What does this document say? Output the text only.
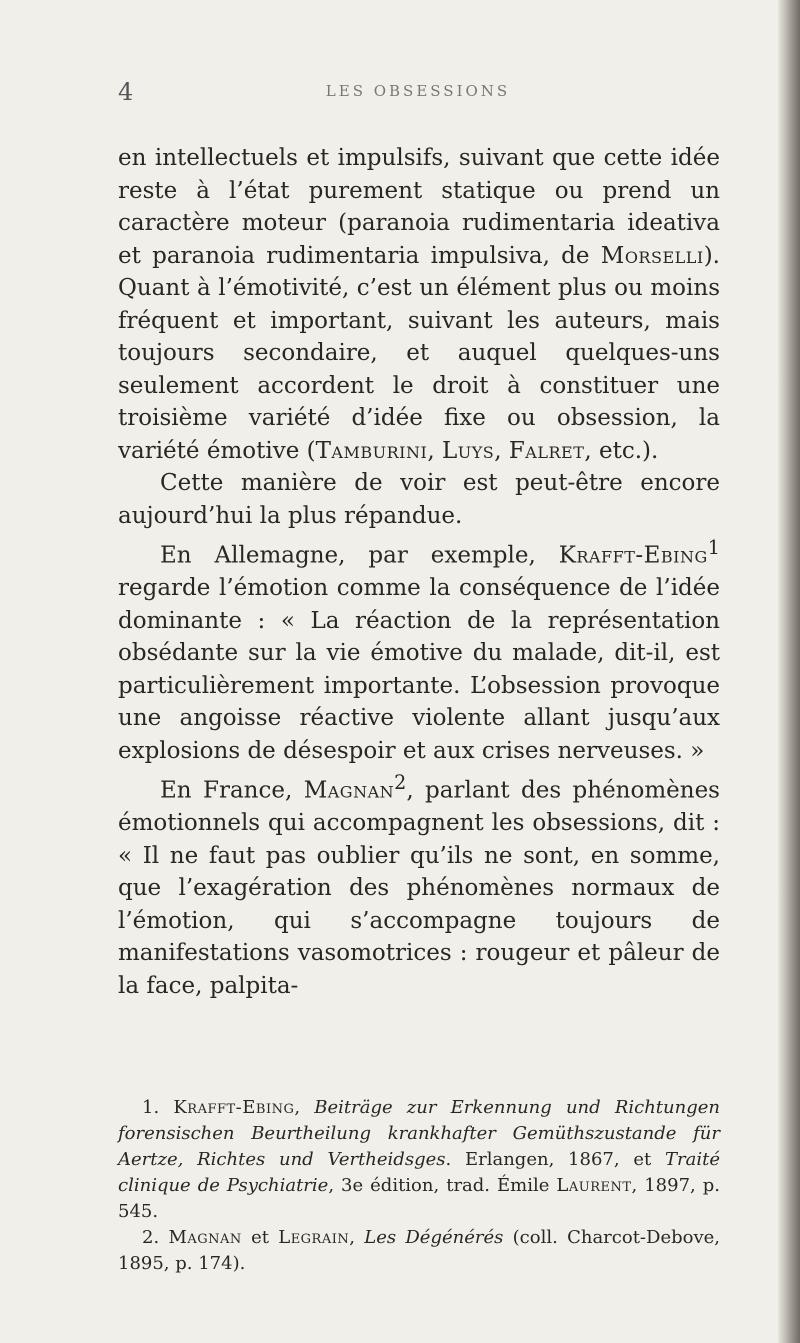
4	LES OBSESSIONS

en intellectuels et impulsifs, suivant que cette idée reste à l’état purement statique ou prend un caractère moteur (paranoia rudimentaria ideativa et paranoia rudimentaria impulsiva, de Morselli). Quant à l’émotivité, c’est un élément plus ou moins fréquent et important, suivant les auteurs, mais toujours secondaire, et auquel quelques-uns seulement accordent le droit à constituer une troisième variété d’idée fixe ou obsession, la variété émotive (Tamburini, Luys, Falret, etc.).

Cette manière de voir est peut-être encore aujourd’hui la plus répandue.

En Allemagne, par exemple, Krafft-Ebing$^1$ regarde l’émotion comme la conséquence de l’idée dominante : « La réaction de la représentation obsédante sur la vie émotive du malade, dit-il, est particulièrement importante. L’obsession provoque une angoisse réactive violente allant jusqu’aux explosions de désespoir et aux crises nerveuses. »

En France, Magnan$^2$, parlant des phénomènes émotionnels qui accompagnent les obsessions, dit : « Il ne faut pas oublier qu’ils ne sont, en somme, que l’exagération des phénomènes normaux de l’émotion, qui s’accompagne toujours de manifestations vasomotrices : rougeur et pâleur de la face, palpita-

1. Krafft-Ebing, Beiträge zur Erkennung und Richtungen forensischen Beurtheilung krankhafter Gemüthszustande für Aertze, Richtes und Vertheidsges. Erlangen, 1867, et Traité clinique de Psychiatrie, 3e édition, trad. Émile Laurent, 1897, p. 545.

2. Magnan et Legrain, Les Dégénérés (coll. Charcot-Debove, 1895, p. 174).
